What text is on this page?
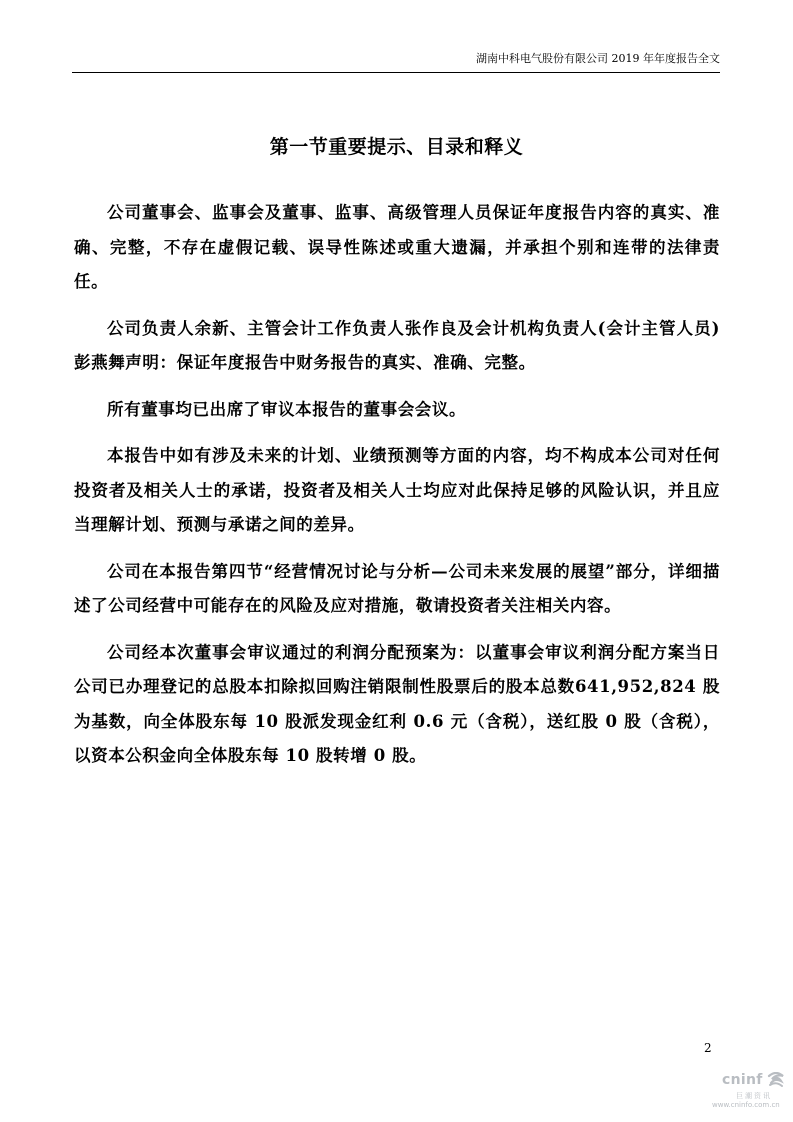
湖南中科电气股份有限公司 2019 年年度报告全文
第一节重要提示、目录和释义

公司董事会、监事会及董事、监事、高级管理人员保证年度报告内容的真实、准确、完整，不存在虚假记载、误导性陈述或重大遗漏，并承担个别和连带的法律责任。

公司负责人余新、主管会计工作负责人张作良及会计机构负责人(会计主管人员)彭燕舞声明：保证年度报告中财务报告的真实、准确、完整。

所有董事均已出席了审议本报告的董事会会议。

本报告中如有涉及未来的计划、业绩预测等方面的内容，均不构成本公司对任何投资者及相关人士的承诺，投资者及相关人士均应对此保持足够的风险认识，并且应当理解计划、预测与承诺之间的差异。

公司在本报告第四节“经营情况讨论与分析—公司未来发展的展望”部分，详细描述了公司经营中可能存在的风险及应对措施，敬请投资者关注相关内容。

公司经本次董事会审议通过的利润分配预案为：以董事会审议利润分配方案当日公司已办理登记的总股本扣除拟回购注销限制性股票后的股本总数641,952,824 股为基数，向全体股东每 10 股派发现金红利 0.6 元（含税），送红股 0 股（含税），以资本公积金向全体股东每 10 股转增 0 股。

2
cninf
巨潮资讯
www.cninfo.com.cn
